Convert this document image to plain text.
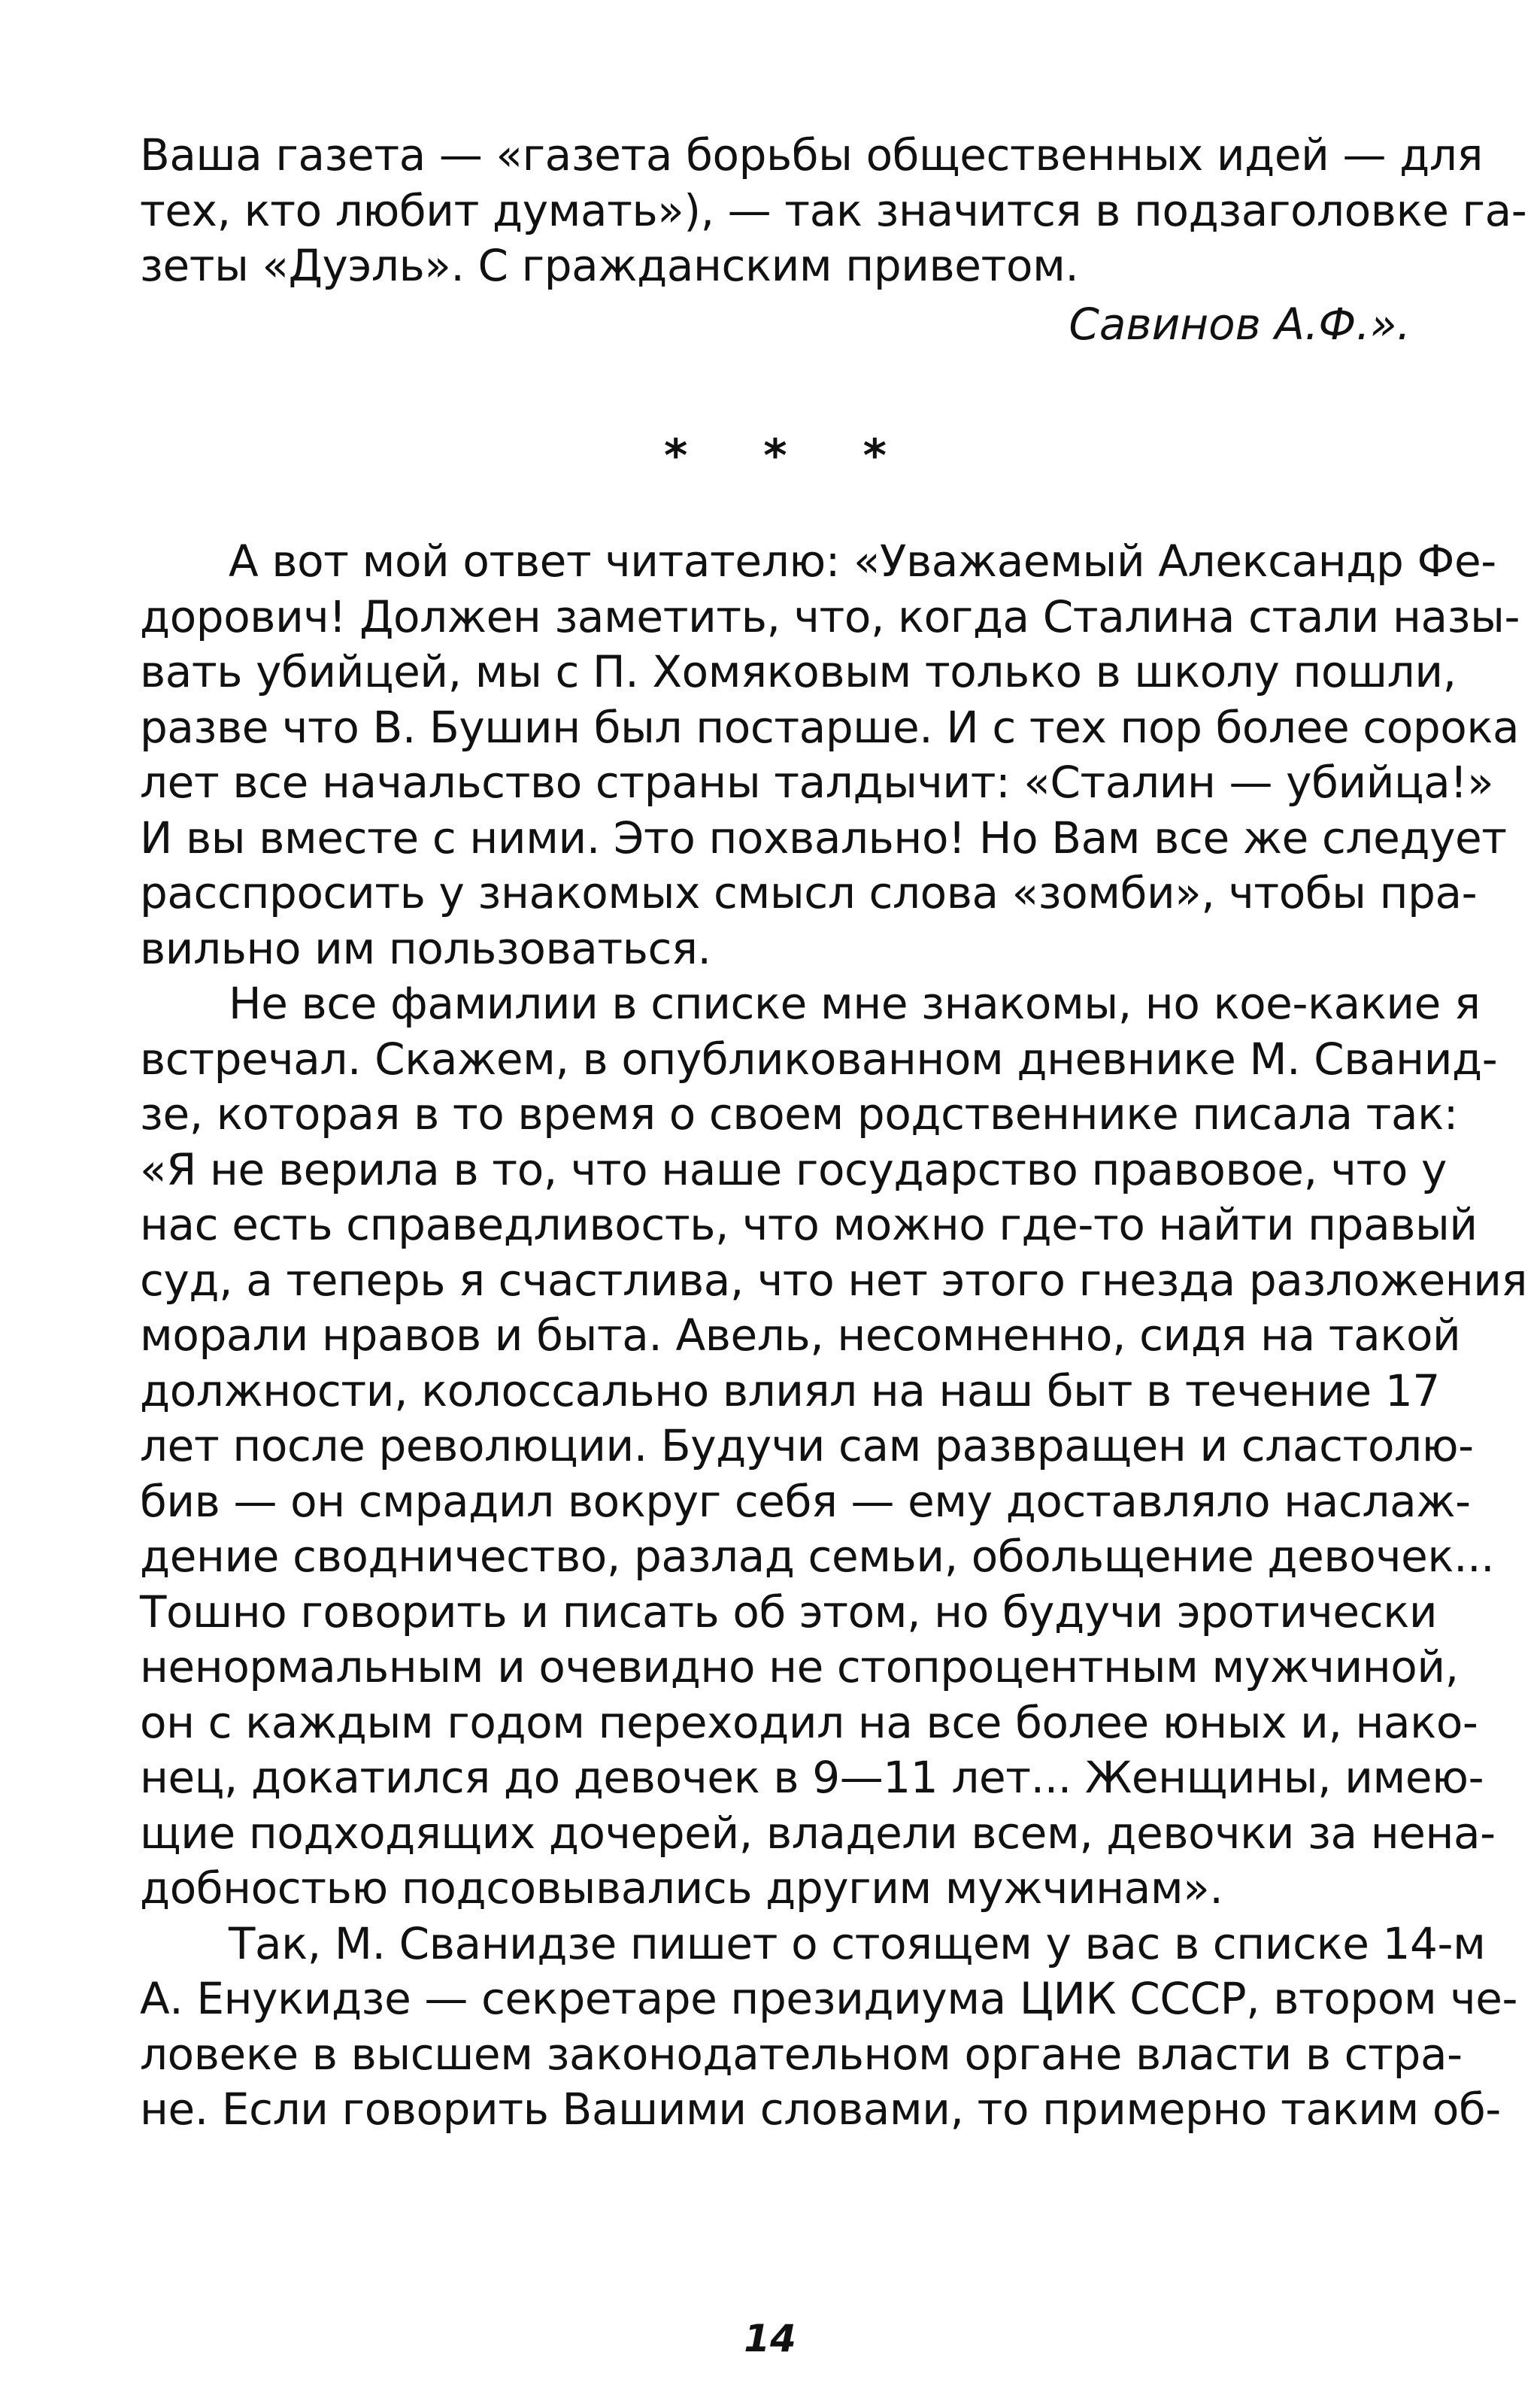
Ваша газета — «газета борьбы общественных идей — для
тех, кто любит думать»), — так значится в подзаголовке га-
зеты «Дуэль». С гражданским приветом.
Савинов А.Ф.».
* * *
А вот мой ответ читателю: «Уважаемый Александр Фе-
дорович! Должен заметить, что, когда Сталина стали назы-
вать убийцей, мы с П. Хомяковым только в школу пошли,
разве что В. Бушин был постарше. И с тех пор более сорока
лет все начальство страны талдычит: «Сталин — убийца!»
И вы вместе с ними. Это похвально! Но Вам все же следует
расспросить у знакомых смысл слова «зомби», чтобы пра-
вильно им пользоваться.
Не все фамилии в списке мне знакомы, но кое-какие я
встречал. Скажем, в опубликованном дневнике М. Сванид-
зе, которая в то время о своем родственнике писала так:
«Я не верила в то, что наше государство правовое, что у
нас есть справедливость, что можно где-то найти правый
суд, а теперь я счастлива, что нет этого гнезда разложения
морали нравов и быта. Авель, несомненно, сидя на такой
должности, колоссально влиял на наш быт в течение 17
лет после революции. Будучи сам развращен и сластолю-
бив — он смрадил вокруг себя — ему доставляло наслаж-
дение сводничество, разлад семьи, обольщение девочек...
Тошно говорить и писать об этом, но будучи эротически
ненормальным и очевидно не стопроцентным мужчиной,
он с каждым годом переходил на все более юных и, нако-
нец, докатился до девочек в 9—11 лет... Женщины, имею-
щие подходящих дочерей, владели всем, девочки за нена-
добностью подсовывались другим мужчинам».
Так, М. Сванидзе пишет о стоящем у вас в списке 14-м
А. Енукидзе — секретаре президиума ЦИК СССР, втором че-
ловеке в высшем законодательном органе власти в стра-
не. Если говорить Вашими словами, то примерно таким об-
14
